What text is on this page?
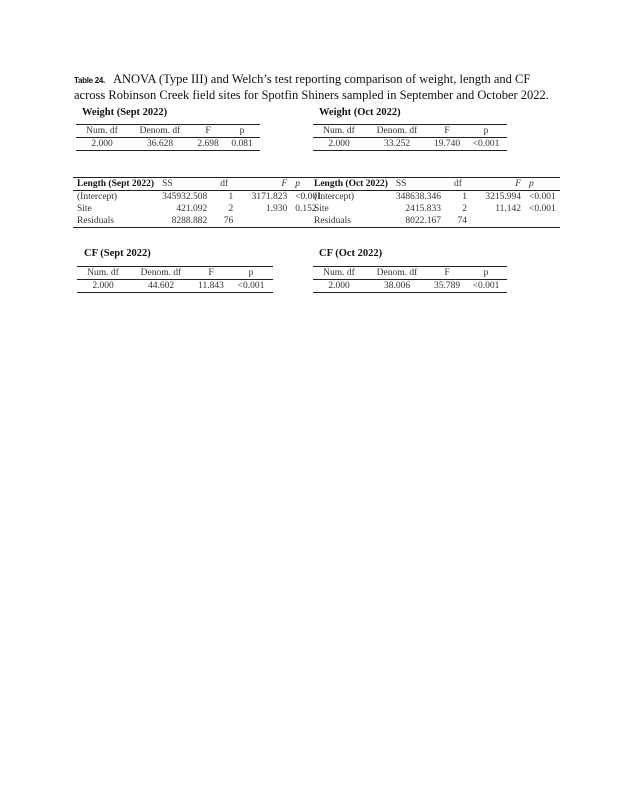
Table 24. ANOVA (Type III) and Welch’s test reporting comparison of weight, length and CF across Robinson Creek field sites for Spotfin Shiners sampled in September and October 2022.
Weight (Sept 2022)
Num. df	Denom. df	F	p
2.000	36.628	2.698	0.081
Weight (Oct 2022)
Num. df	Denom. df	F	p
2.000	33.252	19.740	<0.001
Length (Sept 2022)	SS	df	F	p
(Intercept)	345932.508	1	3171.823	<0.001
Site	421.092	2	1.930	0.152
Residuals	8288.882	76		
Length (Oct 2022)	SS	df	F	p
(Intercept)	348638.346	1	3215.994	<0.001
Site	2415.833	2	11.142	<0.001
Residuals	8022.167	74		
CF (Sept 2022)
Num. df	Denom. df	F	p
2.000	44.602	11.843	<0.001
CF (Oct 2022)
Num. df	Denom. df	F	p
2.000	38.006	35.789	<0.001
